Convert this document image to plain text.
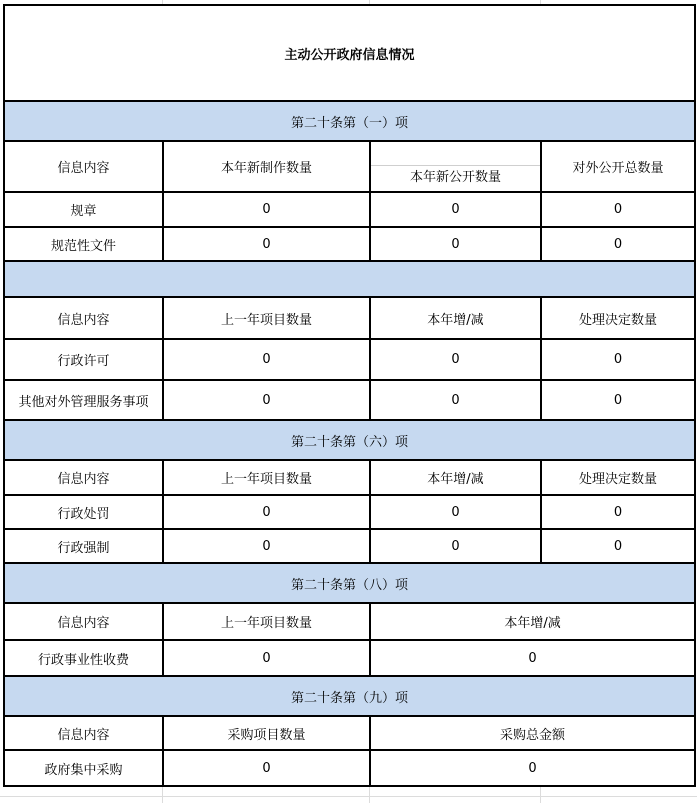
主动公开政府信息情况			
第二十条第（一）项			
信息内容	本年新制作数量	本年新公开数量	对外公开总数量
规章	0	0	0
规范性文件	0	0	0

信息内容	上一年项目数量	本年增/减	处理决定数量
行政许可	0	0	0
其他对外管理服务事项	0	0	0
第二十条第（六）项			
信息内容	上一年项目数量	本年增/减	处理决定数量
行政处罚	0	0	0
行政强制	0	0	0
第二十条第（八）项			
信息内容	上一年项目数量	本年增/减	
行政事业性收费	0	0	
第二十条第（九）项			
信息内容	采购项目数量	采购总金额	
政府集中采购	0	0	
